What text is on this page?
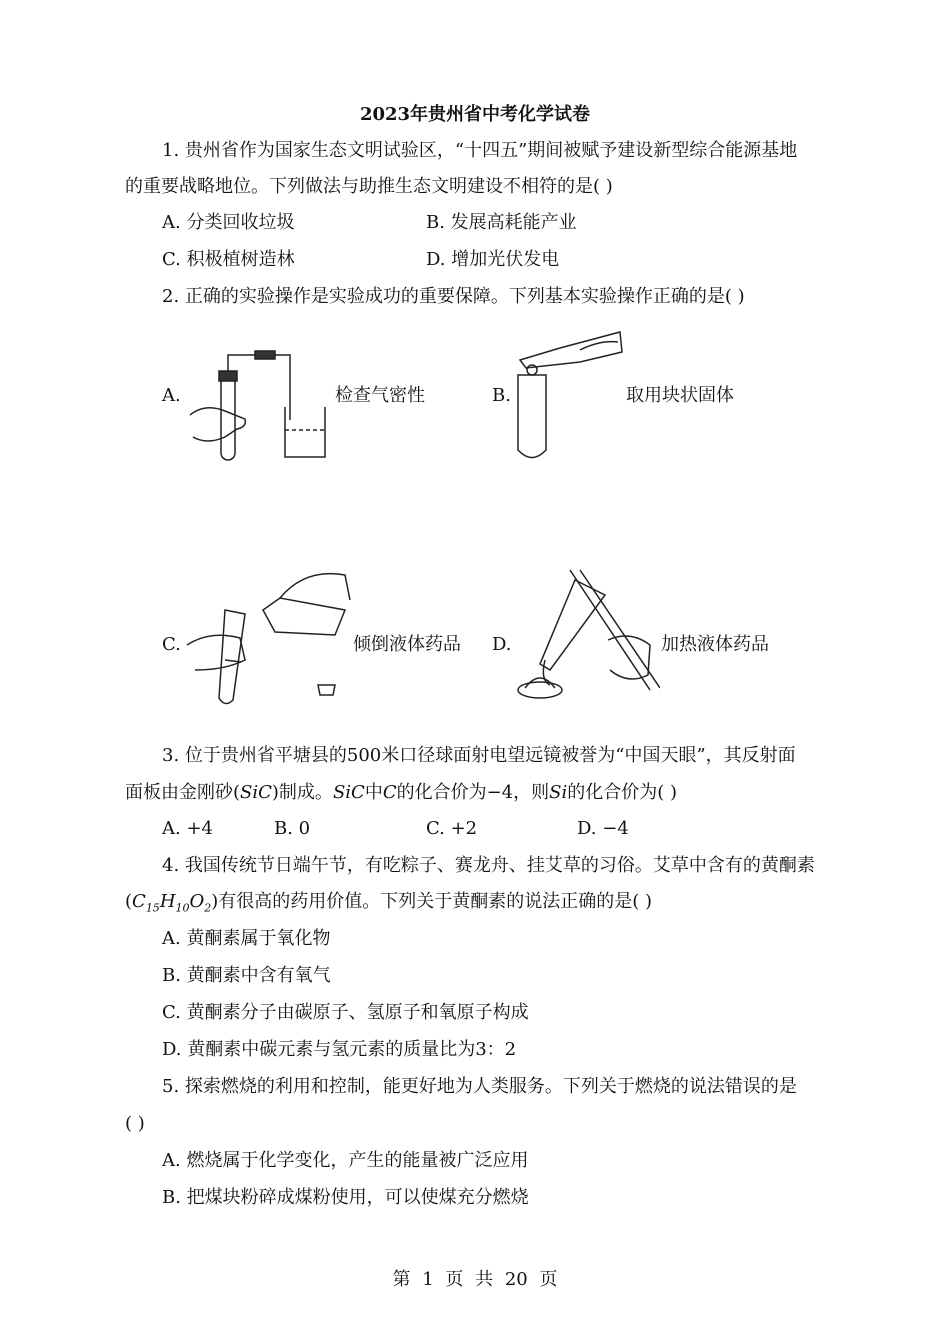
2023年贵州省中考化学试卷
1. 贵州省作为国家生态文明试验区，“十四五”期间被赋予建设新型综合能源基地
的重要战略地位。下列做法与助推生态文明建设不相符的是( )
A. 分类回收垃圾	B. 发展高耗能产业
C. 积极植树造林	D. 增加光伏发电
2. 正确的实验操作是实验成功的重要保障。下列基本实验操作正确的是( )
A.	检查气密性	B.	取用块状固体
C.	倾倒液体药品 D.	加热液体药品
3. 位于贵州省平塘县的500米口径球面射电望远镜被誉为“中国天眼”，其反射面
面板由金刚砂(SiC)制成。SiC中C的化合价为−4，则Si的化合价为( )
A. +4	B. 0	C. +2	D. −4
4. 我国传统节日端午节，有吃粽子、赛龙舟、挂艾草的习俗。艾草中含有的黄酮素
$(C_{15}H_{10}O_2)$有很高的药用价值。下列关于黄酮素的说法正确的是( )
A. 黄酮素属于氧化物
B. 黄酮素中含有氧气
C. 黄酮素分子由碳原子、氢原子和氧原子构成
D. 黄酮素中碳元素与氢元素的质量比为3：2
5. 探索燃烧的利用和控制，能更好地为人类服务。下列关于燃烧的说法错误的是
( )
A. 燃烧属于化学变化，产生的能量被广泛应用
B. 把煤块粉碎成煤粉使用，可以使煤充分燃烧
第 1 页 共 20 页
